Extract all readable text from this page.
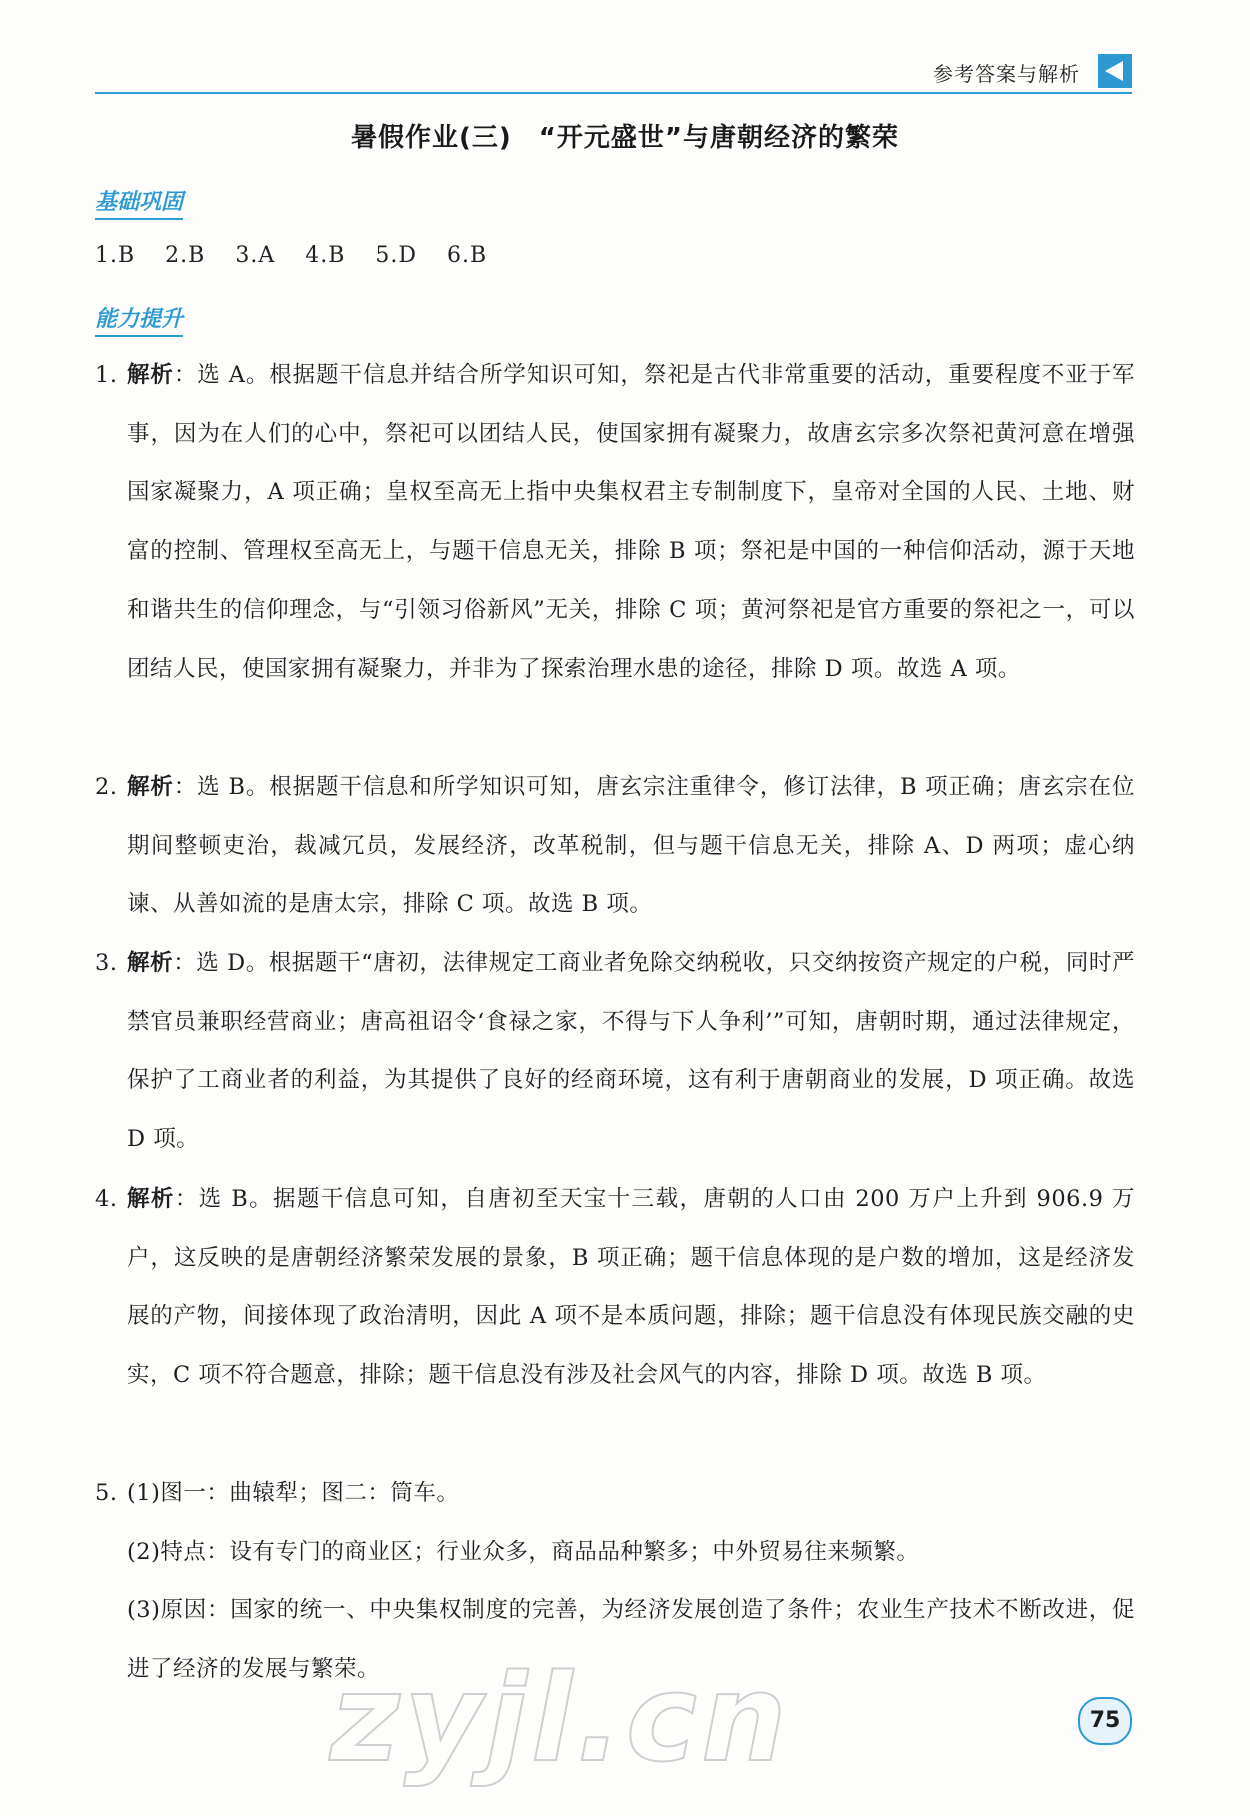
参考答案与解析
暑假作业(三)　“开元盛世”与唐朝经济的繁荣
基础巩固
1.B 2.B 3.A 4.B 5.D 6.B
能力提升
1. 解析：选 A。根据题干信息并结合所学知识可知，祭祀是古代非常重要的活动，重要程度不亚于军事，因为在人们的心中，祭祀可以团结人民，使国家拥有凝聚力，故唐玄宗多次祭祀黄河意在增强国家凝聚力，A 项正确；皇权至高无上指中央集权君主专制制度下，皇帝对全国的人民、土地、财富的控制、管理权至高无上，与题干信息无关，排除 B 项；祭祀是中国的一种信仰活动，源于天地和谐共生的信仰理念，与“引领习俗新风”无关，排除 C 项；黄河祭祀是官方重要的祭祀之一，可以团结人民，使国家拥有凝聚力，并非为了探索治理水患的途径，排除 D 项。故选 A 项。
2. 解析：选 B。根据题干信息和所学知识可知，唐玄宗注重律令，修订法律，B 项正确；唐玄宗在位期间整顿吏治，裁减冗员，发展经济，改革税制，但与题干信息无关，排除 A、D 两项；虚心纳谏、从善如流的是唐太宗，排除 C 项。故选 B 项。
3. 解析：选 D。根据题干“唐初，法律规定工商业者免除交纳税收，只交纳按资产规定的户税，同时严禁官员兼职经营商业；唐高祖诏令‘食禄之家，不得与下人争利’”可知，唐朝时期，通过法律规定，保护了工商业者的利益，为其提供了良好的经商环境，这有利于唐朝商业的发展，D 项正确。故选 D 项。
4. 解析：选 B。据题干信息可知，自唐初至天宝十三载，唐朝的人口由 200 万户上升到 906.9 万户，这反映的是唐朝经济繁荣发展的景象，B 项正确；题干信息体现的是户数的增加，这是经济发展的产物，间接体现了政治清明，因此 A 项不是本质问题，排除；题干信息没有体现民族交融的史实，C 项不符合题意，排除；题干信息没有涉及社会风气的内容，排除 D 项。故选 B 项。
5. (1)图一：曲辕犁；图二：筒车。
(2)特点：设有专门的商业区；行业众多，商品品种繁多；中外贸易往来频繁。
(3)原因：国家的统一、中央集权制度的完善，为经济发展创造了条件；农业生产技术不断改进，促进了经济的发展与繁荣。
zyjl.cn	75
